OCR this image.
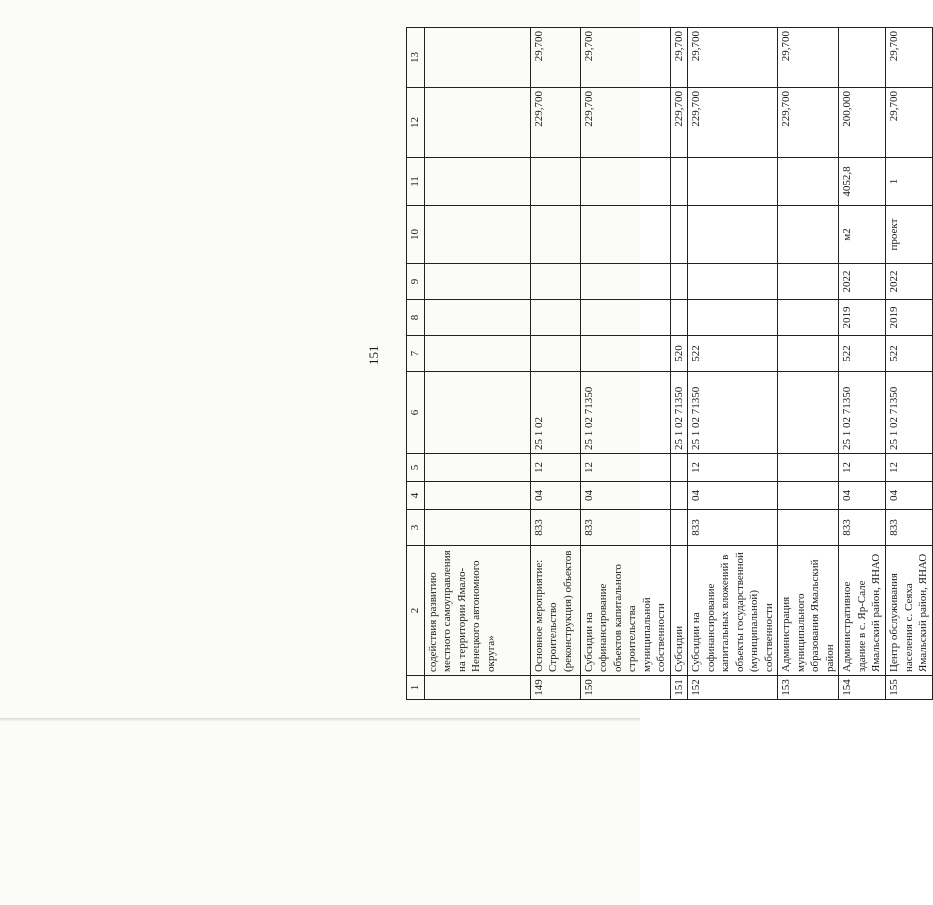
151
1	2	3	4	5	6	7	8	9	10	11	12	13
	содействия развитию местного самоуправления на территории Ямало-Ненецкого автономного округа»											
149	Основное мероприятие: Строительство (реконструкция) объектов	833	04	12	25 1 02						229,700	29,700
150	Субсидии на софинансирование объектов капитального строительства муниципальной собственности	833	04	12	25 1 02 71350						229,700	29,700
151	Субсидии				25 1 02 71350	520					229,700	29,700
152	Субсидии на софинансирование капитальных вложений в объекты государственной (муниципальной) собственности	833	04	12	25 1 02 71350	522					229,700	29,700
153	Администрация муниципального образования Ямальский район										229,700	29,700
154	Административное здание в с. Яр-Сале Ямальский район, ЯНАО	833	04	12	25 1 02 71350	522	2019	2022	м2	4052,8	200,000	
155	Центр обслуживания населения с. Сеяха Ямальский район, ЯНАО	833	04	12	25 1 02 71350	522	2019	2022	проект	1	29,700	29,700
